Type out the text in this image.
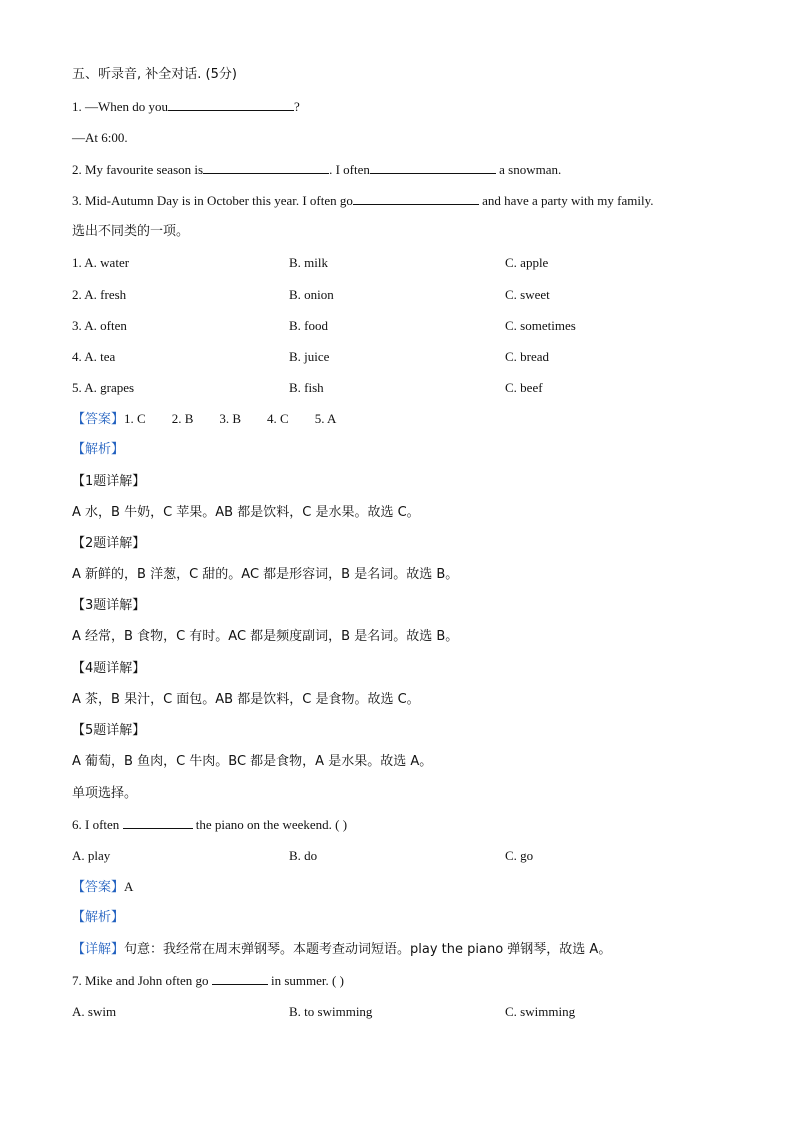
五、听录音, 补全对话. (5分)
1. —When do you	?
—At 6:00.
2. My favourite season is	. I often	a snowman.
3. Mid-Autumn Day is in October this year. I often go	and have a party with my family.
选出不同类的一项。
1. A. water	B. milk	C. apple
2. A. fresh	B. onion	C. sweet
3. A. often	B. food	C. sometimes
4. A. tea	B. juice	C. bread
5. A. grapes	B. fish	C. beef
【答案】1. C 2. B 3. B 4. C 5. A
【解析】
【1题详解】
A 水，B 牛奶，C 苹果。AB 都是饮料，C 是水果。故选 C。
【2题详解】
A 新鲜的，B 洋葱，C 甜的。AC 都是形容词，B 是名词。故选 B。
【3题详解】
A 经常，B 食物，C 有时。AC 都是频度副词，B 是名词。故选 B。
【4题详解】
A 茶，B 果汁，C 面包。AB 都是饮料，C 是食物。故选 C。
【5题详解】
A 葡萄，B 鱼肉，C 牛肉。BC 都是食物，A 是水果。故选 A。
单项选择。
6. I often	the piano on the weekend. ( )
A. play	B. do	C. go
【答案】A
【解析】
【详解】句意：我经常在周末弹钢琴。本题考查动词短语。play the piano 弹钢琴，故选 A。
7. Mike and John often go	in summer. ( )
A. swim	B. to swimming	C. swimming
